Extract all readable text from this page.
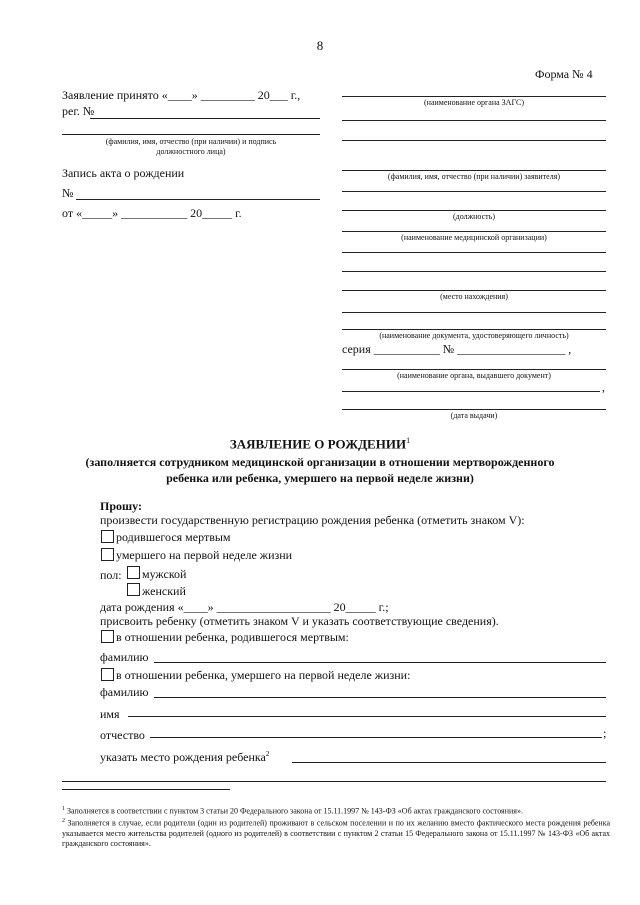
8
Форма № 4
Заявление принято «____» _________ 20___ г.,
рег. №
(фамилия, имя, отчество (при наличии) и подпись
должностного лица)
Запись акта о рождении
№
от «_____» ___________ 20_____ г.
(наименование органа ЗАГС)
(фамилия, имя, отчество (при наличии) заявителя)
(должность)
(наименование медицинской организации)
(место нахождения)
(наименование документа, удостоверяющего личность)
серия ___________ № __________________ ,
(наименование органа, выдавшего документ)
,
(дата выдачи)
ЗАЯВЛЕНИЕ О РОЖДЕНИИ$^1$
(заполняется сотрудником медицинской организации в отношении мертворожденного
ребенка или ребенка, умершего на первой неделе жизни)
Прошу:
произвести государственную регистрацию рождения ребенка (отметить знаком V):
родившегося мертвым
умершего на первой неделе жизни
пол: мужской
женский
дата рождения «____» ___________________ 20_____ г.;
присвоить ребенку (отметить знаком V и указать соответствующие сведения).
в отношении ребенка, родившегося мертвым:
фамилию
в отношении ребенка, умершего на первой неделе жизни:
фамилию
имя
отчество	;
указать место рождения ребенка$^2$
$^1$ Заполняется в соответствии с пунктом 3 статьи 20 Федерального закона от 15.11.1997 № 143-ФЗ «Об актах гражданского состояния».
$^2$ Заполняется в случае, если родители (один из родителей) проживают в сельском поселении и по их желанию вместо фактического места рождения ребенка указывается место жительства родителей (одного из родителей) в соответствии с пунктом 2 статьи 15 Федерального закона от 15.11.1997 № 143-ФЗ «Об актах гражданского состояния».
